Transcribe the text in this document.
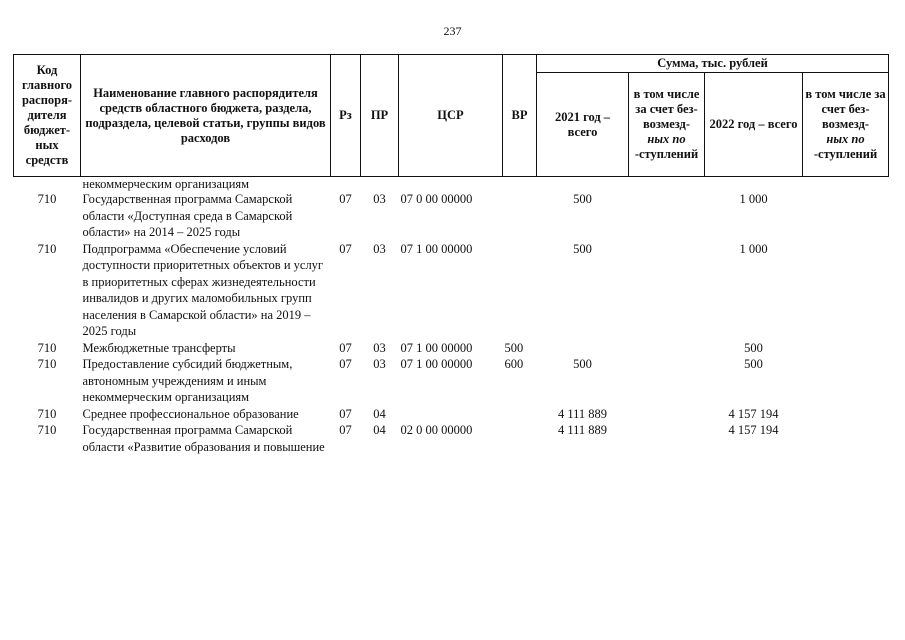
237
Код главного распоря-дителя бюджет-ных средств	Наименование главного распорядителя средств областного бюджета, раздела, подраздела, целевой статьи, группы видов расходов	Рз	ПР	ЦСР	ВР	Сумма, тыс. рублей			
						2021 год – всего	в том числе за счет без-возмезд-
ных по
-ступлений	2022 год – всего	в том числе за счет без-возмезд-
ных по
-ступлений
	некоммерческим организациям								
710	Государственная программа Самарской области «Доступная среда в Самарской области» на 2014 – 2025 годы	07	03	07 0 00 00000		500		1 000	
710	Подпрограмма «Обеспечение условий доступности приоритетных объектов и услуг в приоритетных сферах жизнедеятельности инвалидов и других маломобильных групп населения в Самарской области» на 2019 – 2025 годы	07	03	07 1 00 00000		500		1 000	
710	Межбюджетные трансферты	07	03	07 1 00 00000	500			500	
710	Предоставление субсидий бюджетным, автономным учреждениям и иным некоммерческим организациям	07	03	07 1 00 00000	600	500		500	
710	Среднее профессиональное образование	07	04			4 111 889		4 157 194	
710	Государственная программа Самарской области «Развитие образования и повышение	07	04	02 0 00 00000		4 111 889		4 157 194	
